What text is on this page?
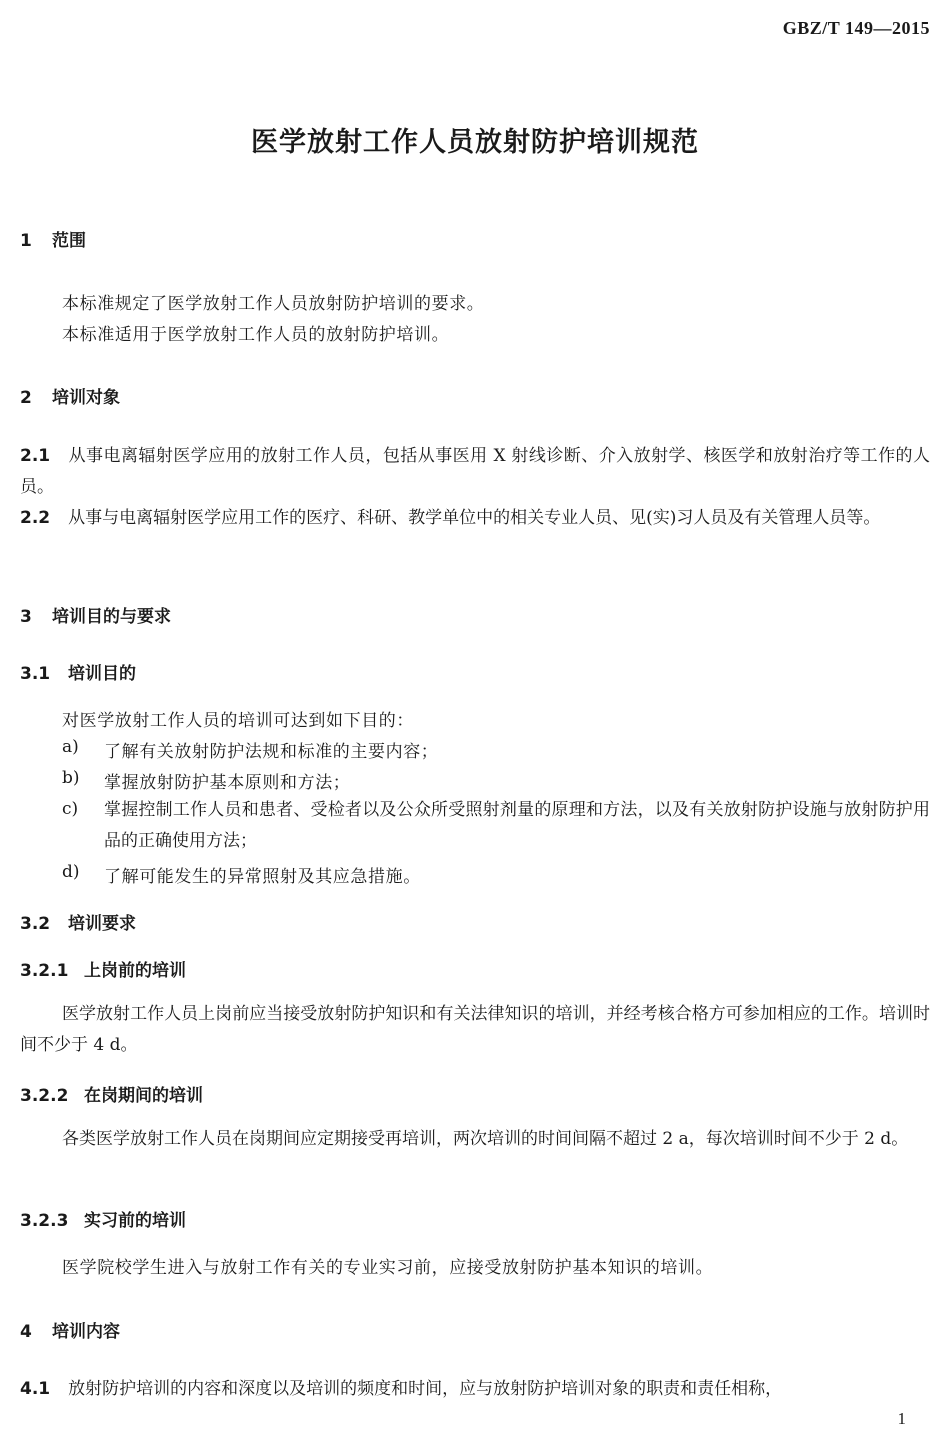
GBZ/T 149—2015
医学放射工作人员放射防护培训规范
1 范围
本标准规定了医学放射工作人员放射防护培训的要求。
本标准适用于医学放射工作人员的放射防护培训。
2 培训对象
2.1 从事电离辐射医学应用的放射工作人员，包括从事医用 X 射线诊断、介入放射学、核医学和放射治疗等工作的人员。
2.2 从事与电离辐射医学应用工作的医疗、科研、教学单位中的相关专业人员、见(实)习人员及有关管理人员等。
3 培训目的与要求
3.1 培训目的
对医学放射工作人员的培训可达到如下目的：
a) 了解有关放射防护法规和标准的主要内容；
b) 掌握放射防护基本原则和方法；
c) 掌握控制工作人员和患者、受检者以及公众所受照射剂量的原理和方法，以及有关放射防护设施与放射防护用品的正确使用方法；
d) 了解可能发生的异常照射及其应急措施。
3.2 培训要求
3.2.1 上岗前的培训
医学放射工作人员上岗前应当接受放射防护知识和有关法律知识的培训，并经考核合格方可参加相应的工作。培训时间不少于 4 d。
3.2.2 在岗期间的培训
各类医学放射工作人员在岗期间应定期接受再培训，两次培训的时间间隔不超过 2 a，每次培训时间不少于 2 d。
3.2.3 实习前的培训
医学院校学生进入与放射工作有关的专业实习前，应接受放射防护基本知识的培训。
4 培训内容
4.1 放射防护培训的内容和深度以及培训的频度和时间，应与放射防护培训对象的职责和责任相称，
1
